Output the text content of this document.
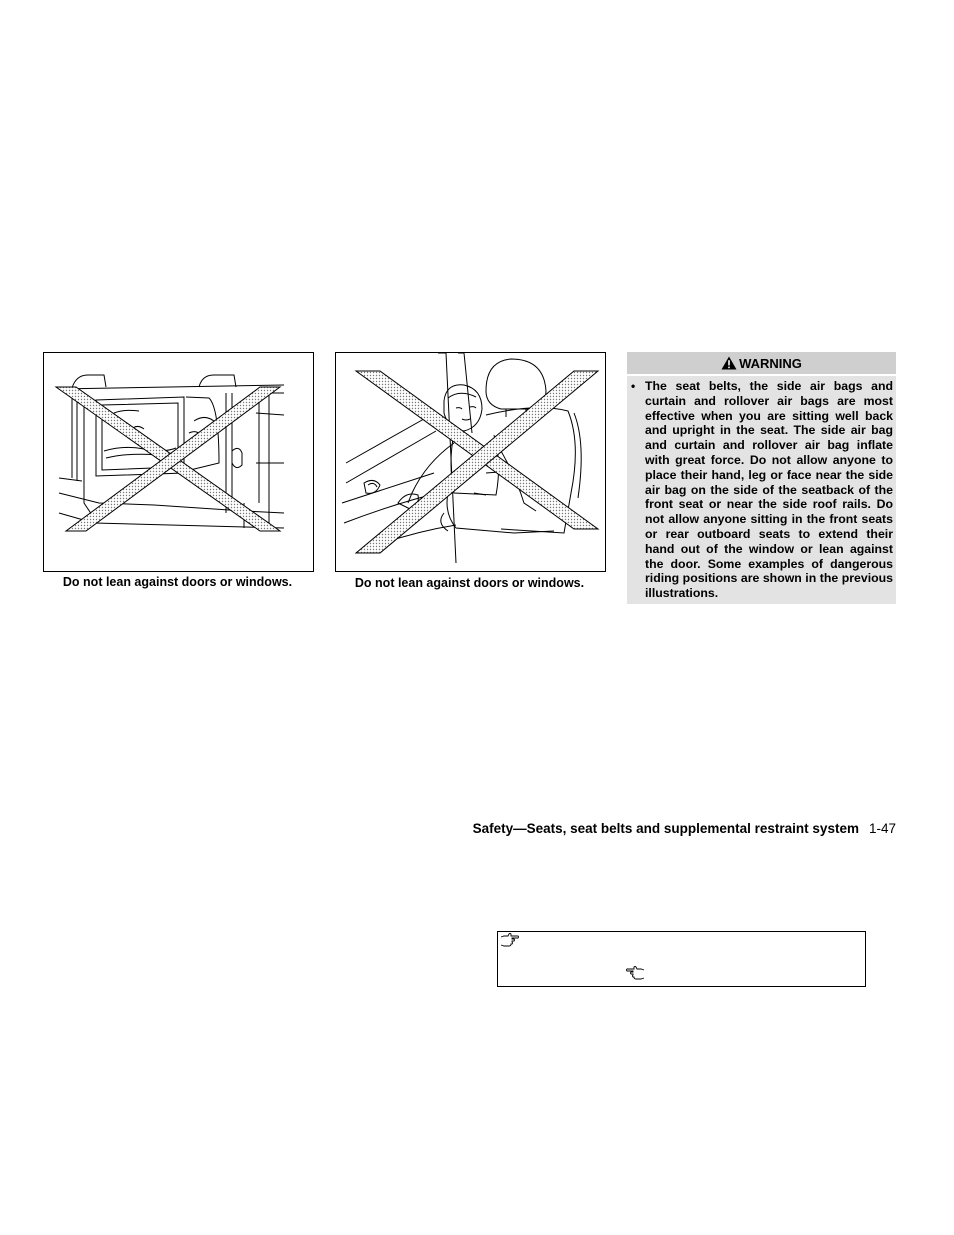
Do not lean against doors or windows.	Do not lean against doors or windows.
WARNING
• The seat belts, the side air bags and curtain and rollover air bags are most effective when you are sitting well back and upright in the seat. The side air bag and curtain and rollover air bag inflate with great force. Do not allow anyone to place their hand, leg or face near the side air bag on the side of the seatback of the front seat or near the side roof rails. Do not allow anyone sitting in the front seats or rear outboard seats to extend their hand out of the window or lean against the door. Some examples of dangerous riding positions are shown in the previous illustrations.
Safety—Seats, seat belts and supplemental restraint system 1-47
